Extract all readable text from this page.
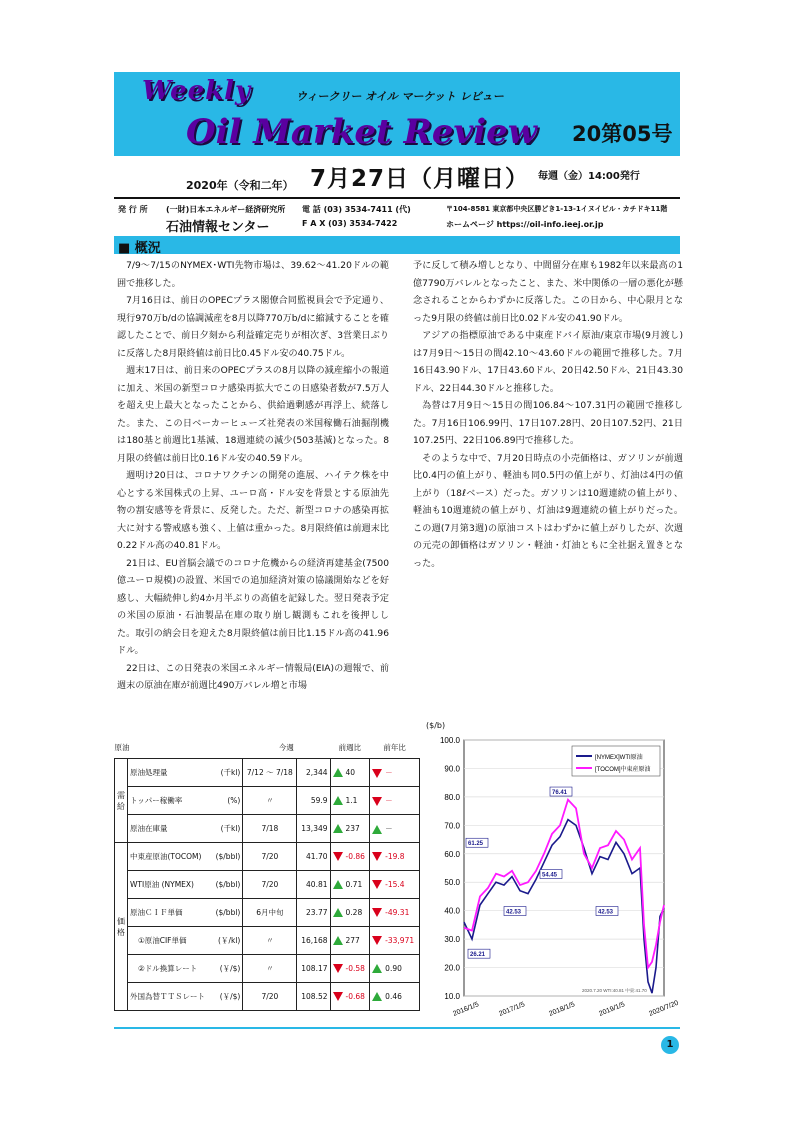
Weekly	ウィークリー オイル マーケット レビュー
Oil Market Review 20第05号
2020年（令和二年） 7月27日（月曜日） 毎週（金）14:00発行
発 行 所 (一財)日本エネルギー経済研究所
石油情報センター
電 話 (03) 3534-7411 (代)
F A X (03) 3534-7422
〒104-8581 東京都中央区勝どき1-13-1イヌイビル・カチドキ11階
ホームページ https://oil-info.ieej.or.jp
■ 概況

7/9～7/15のNYMEX･WTI先物市場は、39.62～41.20ドルの範囲で推移した。

7月16日は、前日のOPECプラス閣僚合同監視員会で予定通り、現行970万b/dの協調減産を8月以降770万b/dに縮減することを確認したことで、前日夕刻から利益確定売りが相次ぎ、3営業日ぶりに反落した8月限終値は前日比0.45ドル安の40.75ドル。

週末17日は、前日来のOPECプラスの8月以降の減産縮小の報道に加え、米国の新型コロナ感染再拡大でこの日感染者数が7.5万人を超え史上最大となったことから、供給過剰感が再浮上、続落した。また、この日ベーカーヒューズ社発表の米国稼働石油掘削機は180基と前週比1基減、18週連続の減少(503基減)となった。8月限の終値は前日比0.16ドル安の40.59ドル。

週明け20日は、コロナワクチンの開発の進展、ハイテク株を中心とする米国株式の上昇、ユーロ高・ドル安を背景とする原油先物の割安感等を背景に、反発した。ただ、新型コロナの感染再拡大に対する警戒感も強く、上値は重かった。8月限終値は前週末比0.22ドル高の40.81ドル。

21日は、EU首脳会議でのコロナ危機からの経済再建基金(7500億ユーロ規模)の設置、米国での追加経済対策の協議開始などを好感し、大幅続伸し約4か月半ぶりの高値を記録した。翌日発表予定の米国の原油・石油製品在庫の取り崩し観測もこれを後押しした。取引の納会日を迎えた8月限終値は前日比1.15ドル高の41.96ドル。

22日は、この日発表の米国エネルギー情報局(EIA)の週報で、前週末の原油在庫が前週比490万バレル増と市場

予に反して積み増しとなり、中間留分在庫も1982年以来最高の1億7790万バレルとなったこと、また、米中関係の一層の悪化が懸念されることからわずかに反落した。この日から、中心限月となった9月限の終値は前日比0.02ドル安の41.90ドル。

アジアの指標原油である中東産ドバイ原油/東京市場(9月渡し)は7月9日～15日の間42.10～43.60ドルの範囲で推移した。7月16日43.90ドル、17日43.60ドル、20日42.50ドル、21日43.30ドル、22日44.30ドルと推移した。

為替は7月9日～15日の間106.84～107.31円の範囲で推移した。7月16日106.99円、17日107.28円、20日107.52円、21日107.25円、22日106.89円で推移した。

そのような中で、7月20日時点の小売価格は、ガソリンが前週比0.4円の値上がり、軽油も同0.5円の値上がり、灯油は4円の値上がり（18ℓベース）だった。ガソリンは10週連続の値上がり、軽油も10週連続の値上がり、灯油は9週連続の値上がりだった。この週(7月第3週)の原油コストはわずかに値上がりしたが、次週の元売の卸価格はガソリン・軽油・灯油ともに全社据え置きとなった。

原油			今週		前週比	前年比
需給	原油処理量	(千kl)	7/12 ～ 7/18	2,344	40	－
	トッパー稼働率	(%)	〃	59.9	1.1	－
	原油在庫量	(千kl)	7/18	13,349	237	－
価格	中東産原油(TOCOM)	($/bbl)	7/20	41.70	-0.86	-19.8
	WTI原油 (NYMEX)	($/bbl)	7/20	40.81	0.71	-15.4
	原油ＣＩＦ単価	($/bbl)	6月中旬	23.77	0.28	-49.31
	①原油CIF単価	(￥/kl)	〃	16,168	277	-33,971
	②ドル換算レート	(￥/$)	〃	108.17	-0.58	0.90
	外国為替ＴＴＳレート	(￥/$)	7/20	108.52	-0.68	0.46
($/b)
10.0
20.0
30.0
40.0
50.0
60.0
70.0
80.0
90.0
100.0
2016/1/5	2017/1/5	2018/1/5	2019/1/5	2020/7/20
[NYMEX]WTI原油
[TOCOM]中東産原油
54.45
61.25
42.53
76.41
42.53
26.21
2020.7.20 WTI:40.81 中東:41.70
1
